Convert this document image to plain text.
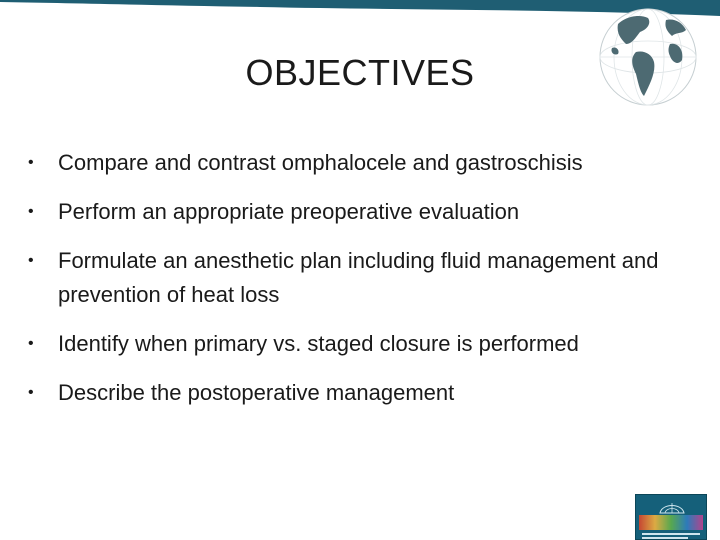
OBJECTIVES
• Compare and contrast omphalocele and gastroschisis
• Perform an appropriate preoperative evaluation
• Formulate an anesthetic plan including fluid management and prevention of heat loss
• Identify when primary vs. staged closure is performed
• Describe the postoperative management
